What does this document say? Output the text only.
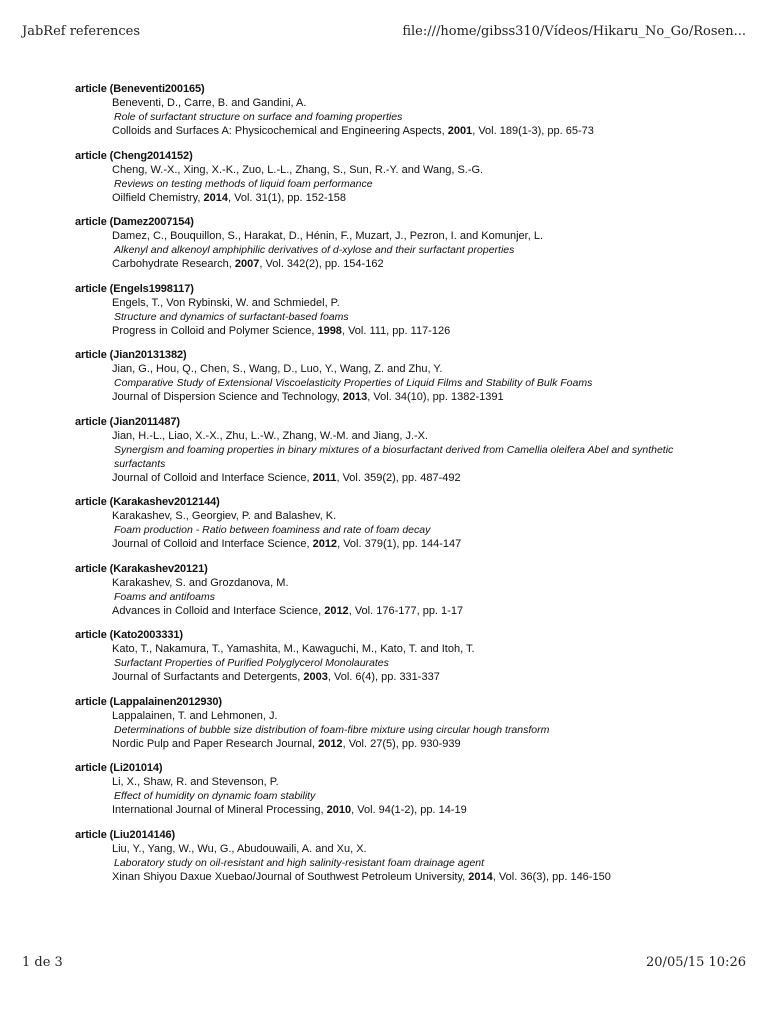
JabRef references	file:///home/gibss310/Vídeos/Hikaru_No_Go/Rosen...
article (Beneventi200165)
Beneventi, D., Carre, B. and Gandini, A.
Role of surfactant structure on surface and foaming properties
Colloids and Surfaces A: Physicochemical and Engineering Aspects, 2001, Vol. 189(1-3), pp. 65-73
article (Cheng2014152)
Cheng, W.-X., Xing, X.-K., Zuo, L.-L., Zhang, S., Sun, R.-Y. and Wang, S.-G.
Reviews on testing methods of liquid foam performance
Oilfield Chemistry, 2014, Vol. 31(1), pp. 152-158
article (Damez2007154)
Damez, C., Bouquillon, S., Harakat, D., Hénin, F., Muzart, J., Pezron, I. and Komunjer, L.
Alkenyl and alkenoyl amphiphilic derivatives of d-xylose and their surfactant properties
Carbohydrate Research, 2007, Vol. 342(2), pp. 154-162
article (Engels1998117)
Engels, T., Von Rybinski, W. and Schmiedel, P.
Structure and dynamics of surfactant-based foams
Progress in Colloid and Polymer Science, 1998, Vol. 111, pp. 117-126
article (Jian20131382)
Jian, G., Hou, Q., Chen, S., Wang, D., Luo, Y., Wang, Z. and Zhu, Y.
Comparative Study of Extensional Viscoelasticity Properties of Liquid Films and Stability of Bulk Foams
Journal of Dispersion Science and Technology, 2013, Vol. 34(10), pp. 1382-1391
article (Jian2011487)
Jian, H.-L., Liao, X.-X., Zhu, L.-W., Zhang, W.-M. and Jiang, J.-X.
Synergism and foaming properties in binary mixtures of a biosurfactant derived from Camellia oleifera Abel and synthetic surfactants
Journal of Colloid and Interface Science, 2011, Vol. 359(2), pp. 487-492
article (Karakashev2012144)
Karakashev, S., Georgiev, P. and Balashev, K.
Foam production - Ratio between foaminess and rate of foam decay
Journal of Colloid and Interface Science, 2012, Vol. 379(1), pp. 144-147
article (Karakashev20121)
Karakashev, S. and Grozdanova, M.
Foams and antifoams
Advances in Colloid and Interface Science, 2012, Vol. 176-177, pp. 1-17
article (Kato2003331)
Kato, T., Nakamura, T., Yamashita, M., Kawaguchi, M., Kato, T. and Itoh, T.
Surfactant Properties of Purified Polyglycerol Monolaurates
Journal of Surfactants and Detergents, 2003, Vol. 6(4), pp. 331-337
article (Lappalainen2012930)
Lappalainen, T. and Lehmonen, J.
Determinations of bubble size distribution of foam-fibre mixture using circular hough transform
Nordic Pulp and Paper Research Journal, 2012, Vol. 27(5), pp. 930-939
article (Li201014)
Li, X., Shaw, R. and Stevenson, P.
Effect of humidity on dynamic foam stability
International Journal of Mineral Processing, 2010, Vol. 94(1-2), pp. 14-19
article (Liu2014146)
Liu, Y., Yang, W., Wu, G., Abudouwaili, A. and Xu, X.
Laboratory study on oil-resistant and high salinity-resistant foam drainage agent
Xinan Shiyou Daxue Xuebao/Journal of Southwest Petroleum University, 2014, Vol. 36(3), pp. 146-150
1 de 3	20/05/15 10:26
